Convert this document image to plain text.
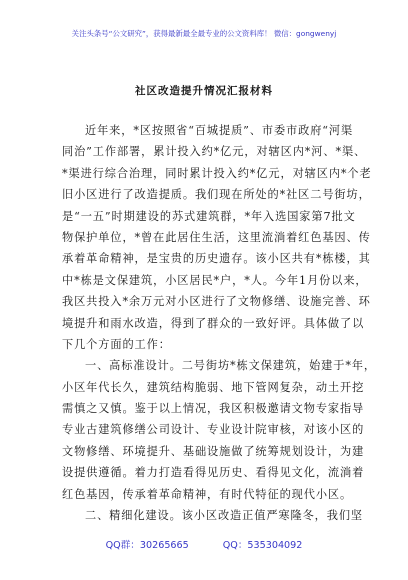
关注头条号“公文研究”，获得最新最全最专业的公文资料库！ 微信：gongwenyj
社区改造提升情况汇报材料
近年来，*区按照省“百城提质”、市委市政府“河渠
同治”工作部署，累计投入约*亿元，对辖区内*河、*渠、
*渠进行综合治理，同时累计投入约*亿元，对辖区内*个老
旧小区进行了改造提质。我们现在所处的*社区二号街坊，
是“一五”时期建设的苏式建筑群，*年入选国家第7批文
物保护单位，*曾在此居住生活，这里流淌着红色基因、传
承着革命精神，是宝贵的历史遗存。该小区共有*栋楼，其
中*栋是文保建筑，小区居民*户，*人。今年1月份以来，
我区共投入*余万元对小区进行了文物修缮、设施完善、环
境提升和雨水改造，得到了群众的一致好评。具体做了以
下几个方面的工作：
一、高标准设计。二号街坊*栋文保建筑，始建于*年，
小区年代长久，建筑结构脆弱、地下管网复杂，动土开挖
需慎之又慎。鉴于以上情况，我区积极邀请文物专家指导
专业古建筑修缮公司设计、专业设计院审核，对该小区的
文物修缮、环境提升、基础设施做了统筹规划设计，为建
设提供遵循。着力打造看得见历史、看得见文化，流淌着
红色基因，传承着革命精神，有时代特征的现代小区。
二、精细化建设。该小区改造正值严寒隆冬，我们坚
QQ群：30265665	QQ：535304092
